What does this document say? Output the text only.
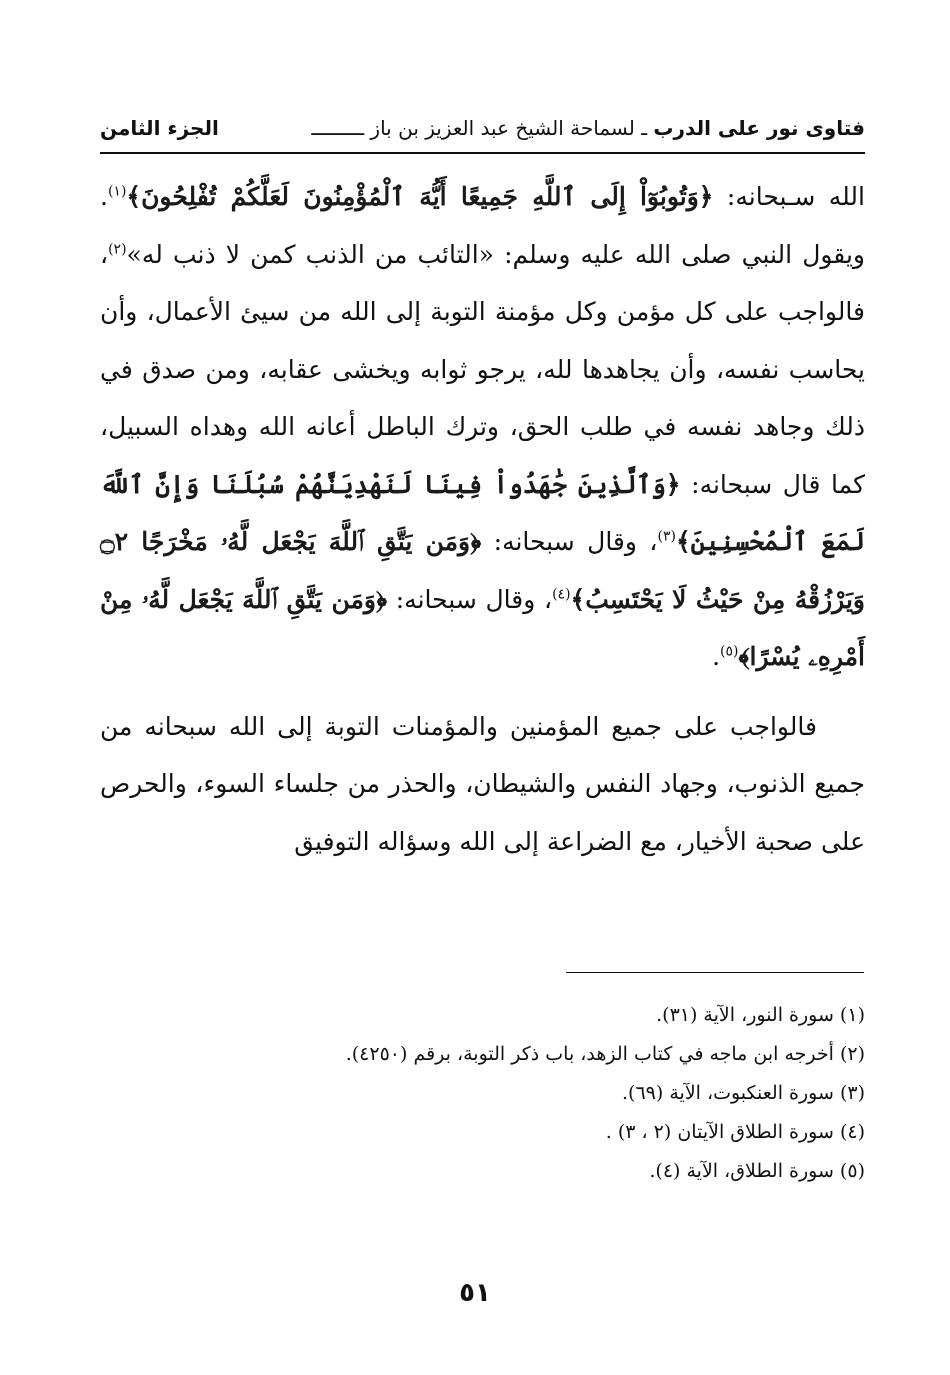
فتاوى نور على الدرب ـ لسماحة الشيخ عبد العزيز بن باز ـــــــــ
الجزء الثامن

الله سـبحانه: ﴿وَتُوبُوٓاْ إِلَى ٱللَّهِ جَمِيعًا أَيُّهَ ٱلْمُؤْمِنُونَ لَعَلَّكُمْ تُفْلِحُونَ﴾$^{(١)}$. ويقول النبي صلى الله عليه وسلم: «التائب من الذنب كمن لا ذنب له»$^{(٢)}$، فالواجب على كل مؤمن وكل مؤمنة التوبة إلى الله من سيئ الأعمال، وأن يحاسب نفسه، وأن يجاهدها لله، يرجو ثوابه ويخشى عقابه، ومن صدق في ذلك وجاهد نفسه في طلب الحق، وترك الباطل أعانه الله وهداه السبيل، كما قال سبحانه: ﴿وَٱلَّذِينَ جَٰهَدُواْ فِينَا لَنَهْدِيَنَّهُمْ سُبُلَنَا وَإِنَّ ٱللَّهَ لَمَعَ ٱلْمُحْسِنِينَ﴾$^{(٣)}$، وقال سبحانه: ﴿وَمَن يَتَّقِ ٱللَّهَ يَجْعَل لَّهُۥ مَخْرَجًا ۝٢ وَيَرْزُقْهُ مِنْ حَيْثُ لَا يَحْتَسِبُ﴾$^{(٤)}$، وقال سبحانه: ﴿وَمَن يَتَّقِ ٱللَّهَ يَجْعَل لَّهُۥ مِنْ أَمْرِهِۦ يُسْرًا﴾$^{(٥)}$.

فالواجب على جميع المؤمنين والمؤمنات التوبة إلى الله سبحانه من جميع الذنوب، وجهاد النفس والشيطان، والحذر من جلساء السوء، والحرص على صحبة الأخيار، مع الضراعة إلى الله وسؤاله التوفيق

(١) سورة النور، الآية (٣١).
(٢) أخرجه ابن ماجه في كتاب الزهد، باب ذكر التوبة، برقم (٤٢٥٠).
(٣) سورة العنكبوت، الآية (٦٩).
(٤) سورة الطلاق الآيتان (٢ ، ٣) .
(٥) سورة الطلاق، الآية (٤).
٥١
